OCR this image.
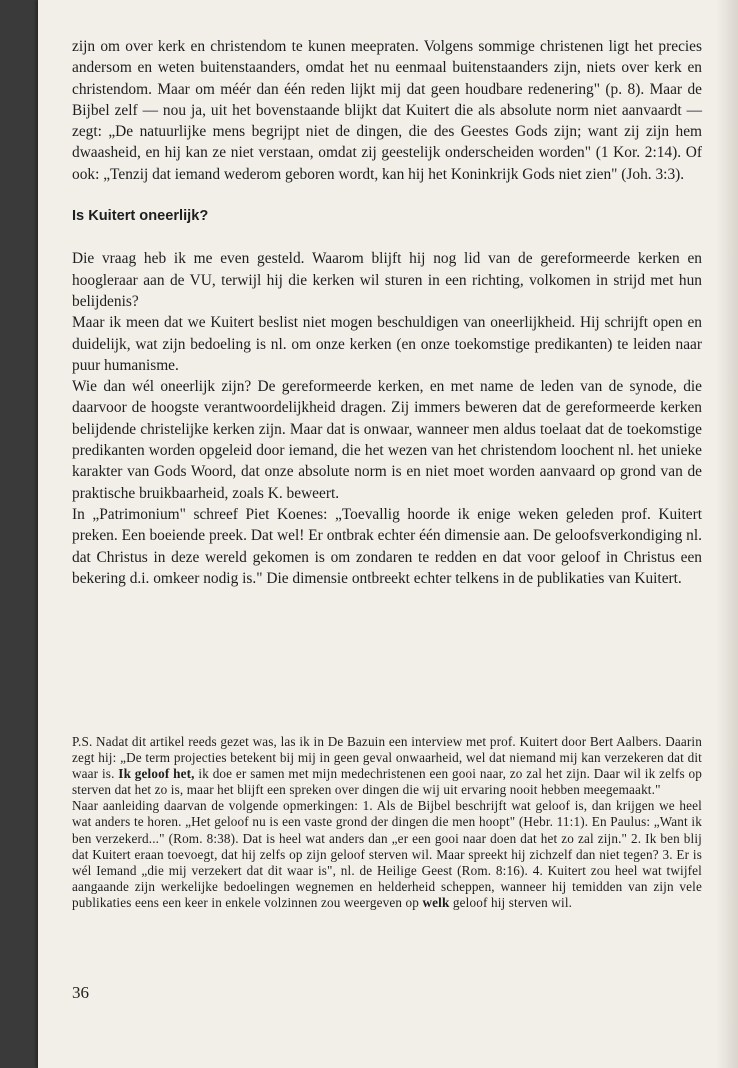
zijn om over kerk en christendom te kunen meepraten. Volgens sommige christenen ligt het precies andersom en weten buitenstaanders, omdat het nu eenmaal buitenstaanders zijn, niets over kerk en christendom. Maar om méér dan één reden lijkt mij dat geen houdbare redenering" (p. 8). Maar de Bijbel zelf — nou ja, uit het bovenstaande blijkt dat Kuitert die als absolute norm niet aanvaardt — zegt: „De natuurlijke mens begrijpt niet de dingen, die des Geestes Gods zijn; want zij zijn hem dwaasheid, en hij kan ze niet verstaan, omdat zij geestelijk onderscheiden worden" (1 Kor. 2:14). Of ook: „Tenzij dat iemand wederom geboren wordt, kan hij het Koninkrijk Gods niet zien" (Joh. 3:3).

Is Kuitert oneerlijk?

Die vraag heb ik me even gesteld. Waarom blijft hij nog lid van de gereformeerde kerken en hoogleraar aan de VU, terwijl hij die kerken wil sturen in een richting, volkomen in strijd met hun belijdenis?

Maar ik meen dat we Kuitert beslist niet mogen beschuldigen van oneerlijkheid. Hij schrijft open en duidelijk, wat zijn bedoeling is nl. om onze kerken (en onze toekomstige predikanten) te leiden naar puur humanisme.

Wie dan wél oneerlijk zijn? De gereformeerde kerken, en met name de leden van de synode, die daarvoor de hoogste verantwoordelijkheid dragen. Zij immers beweren dat de gereformeerde kerken belijdende christelijke kerken zijn. Maar dat is onwaar, wanneer men aldus toelaat dat de toekomstige predikanten worden opgeleid door iemand, die het wezen van het christendom loochent nl. het unieke karakter van Gods Woord, dat onze absolute norm is en niet moet worden aanvaard op grond van de praktische bruikbaarheid, zoals K. beweert.

In „Patrimonium" schreef Piet Koenes: „Toevallig hoorde ik enige weken geleden prof. Kuitert preken. Een boeiende preek. Dat wel! Er ontbrak echter één dimensie aan. De geloofsverkondiging nl. dat Christus in deze wereld gekomen is om zondaren te redden en dat voor geloof in Christus een bekering d.i. omkeer nodig is." Die dimensie ontbreekt echter telkens in de publikaties van Kuitert.

P.S. Nadat dit artikel reeds gezet was, las ik in De Bazuin een interview met prof. Kuitert door Bert Aalbers. Daarin zegt hij: „De term projecties betekent bij mij in geen geval onwaarheid, wel dat niemand mij kan verzekeren dat dit waar is. Ik geloof het, ik doe er samen met mijn medechristenen een gooi naar, zo zal het zijn. Daar wil ik zelfs op sterven dat het zo is, maar het blijft een spreken over dingen die wij uit ervaring nooit hebben meegemaakt."

Naar aanleiding daarvan de volgende opmerkingen: 1. Als de Bijbel beschrijft wat geloof is, dan krijgen we heel wat anders te horen. „Het geloof nu is een vaste grond der dingen die men hoopt" (Hebr. 11:1). En Paulus: „Want ik ben verzekerd..." (Rom. 8:38). Dat is heel wat anders dan „er een gooi naar doen dat het zo zal zijn." 2. Ik ben blij dat Kuitert eraan toevoegt, dat hij zelfs op zijn geloof sterven wil. Maar spreekt hij zichzelf dan niet tegen? 3. Er is wél Iemand „die mij verzekert dat dit waar is", nl. de Heilige Geest (Rom. 8:16). 4. Kuitert zou heel wat twijfel aangaande zijn werkelijke bedoelingen wegnemen en helderheid scheppen, wanneer hij temidden van zijn vele publikaties eens een keer in enkele volzinnen zou weergeven op welk geloof hij sterven wil.

36
